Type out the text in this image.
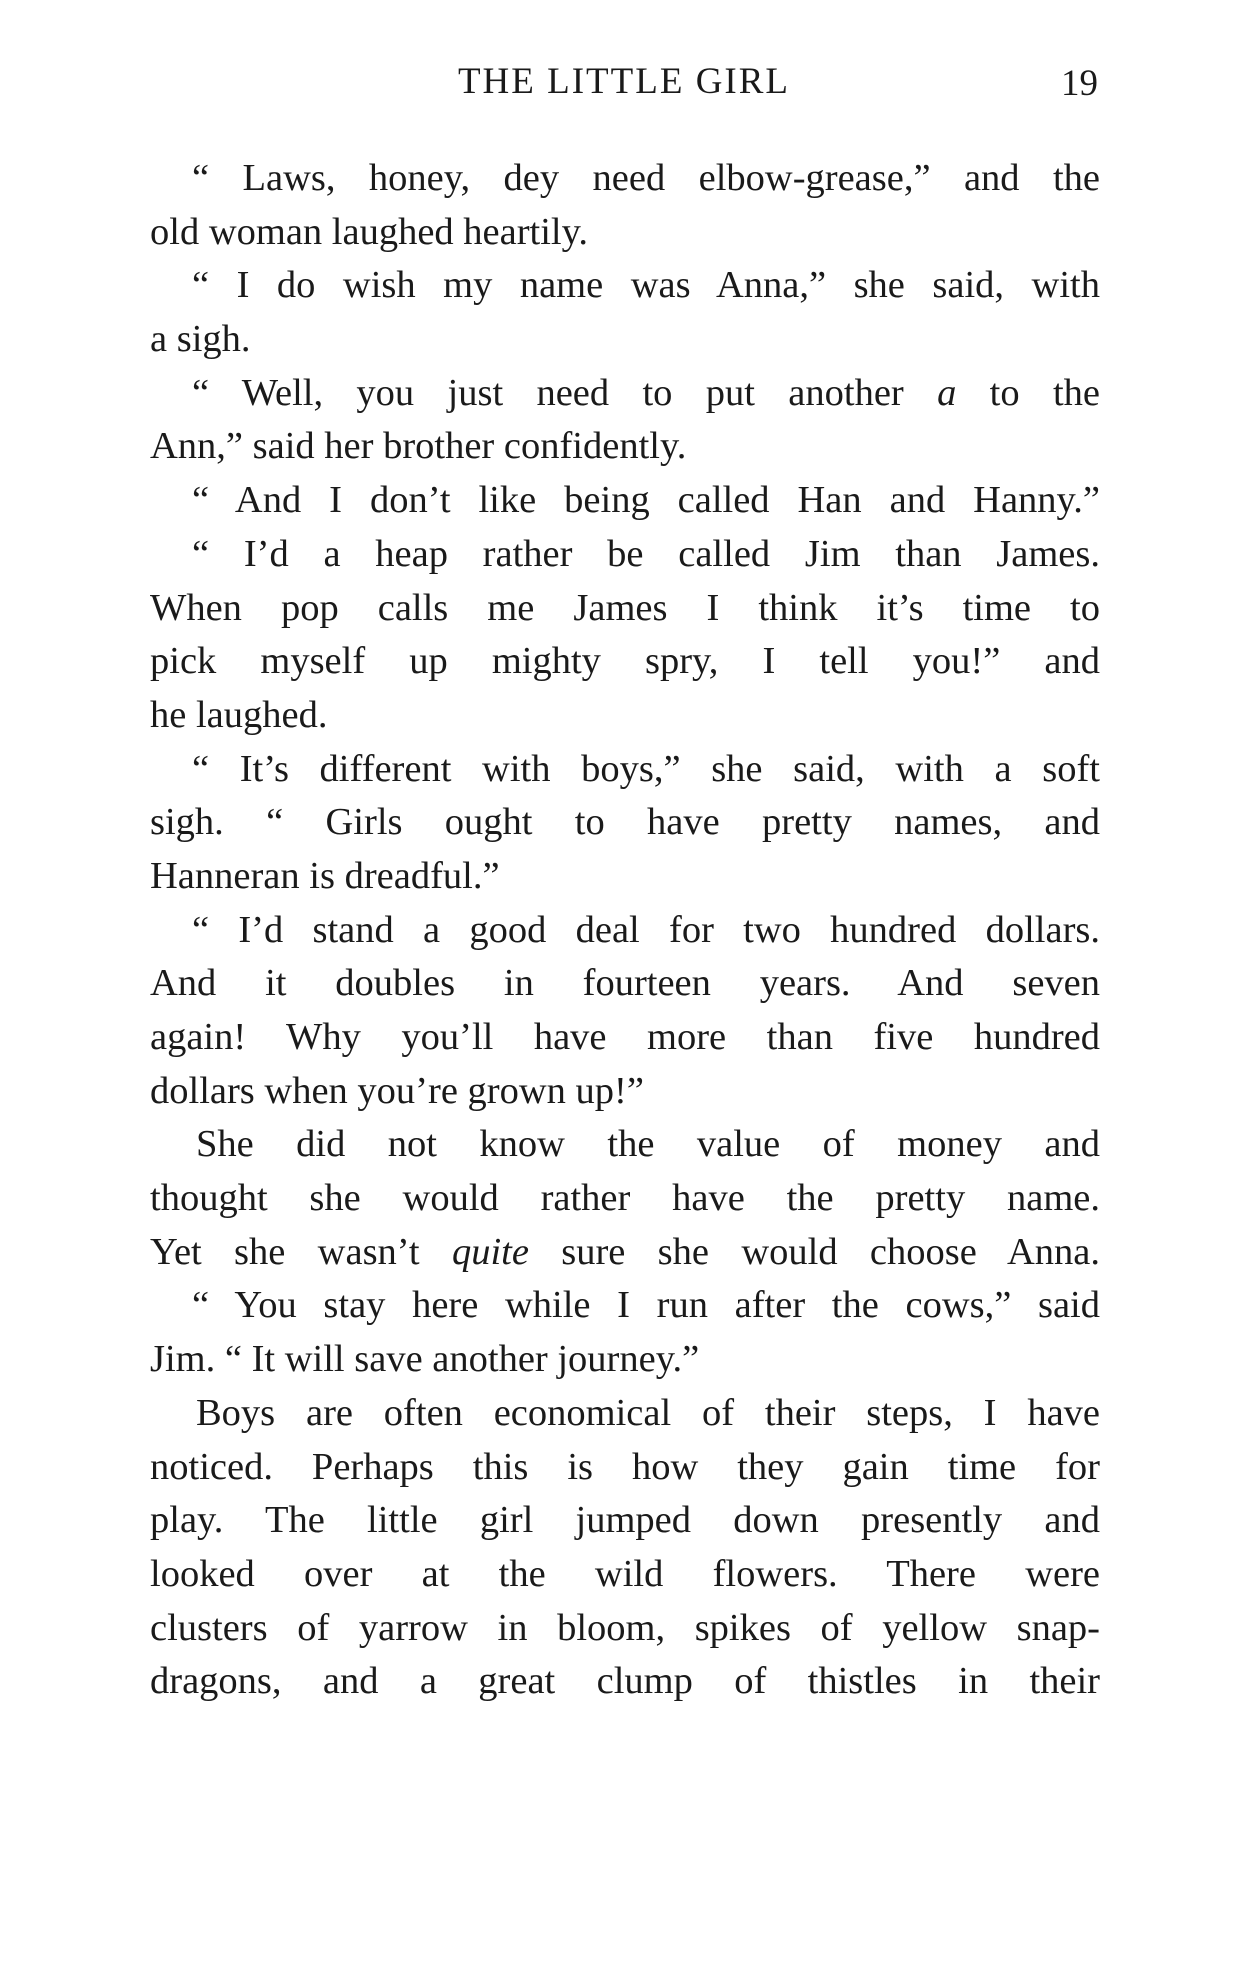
THE LITTLE GIRL	19
“ Laws, honey, dey need elbow-grease,” and the
old woman laughed heartily.
“ I do wish my name was Anna,” she said, with
a sigh.
“ Well, you just need to put another a to the
Ann,” said her brother confidently.
“ And I don’t like being called Han and Hanny.”
“ I’d a heap rather be called Jim than James.
When pop calls me James I think it’s time to
pick myself up mighty spry, I tell you!” and
he laughed.
“ It’s different with boys,” she said, with a soft
sigh. “ Girls ought to have pretty names, and
Hanneran is dreadful.”
“ I’d stand a good deal for two hundred dollars.
And it doubles in fourteen years. And seven
again! Why you’ll have more than five hundred
dollars when you’re grown up!”
She did not know the value of money and
thought she would rather have the pretty name.
Yet she wasn’t quite sure she would choose Anna.
“ You stay here while I run after the cows,” said
Jim. “ It will save another journey.”
Boys are often economical of their steps, I have
noticed. Perhaps this is how they gain time for
play. The little girl jumped down presently and
looked over at the wild flowers. There were
clusters of yarrow in bloom, spikes of yellow snap-
dragons, and a great clump of thistles in their
